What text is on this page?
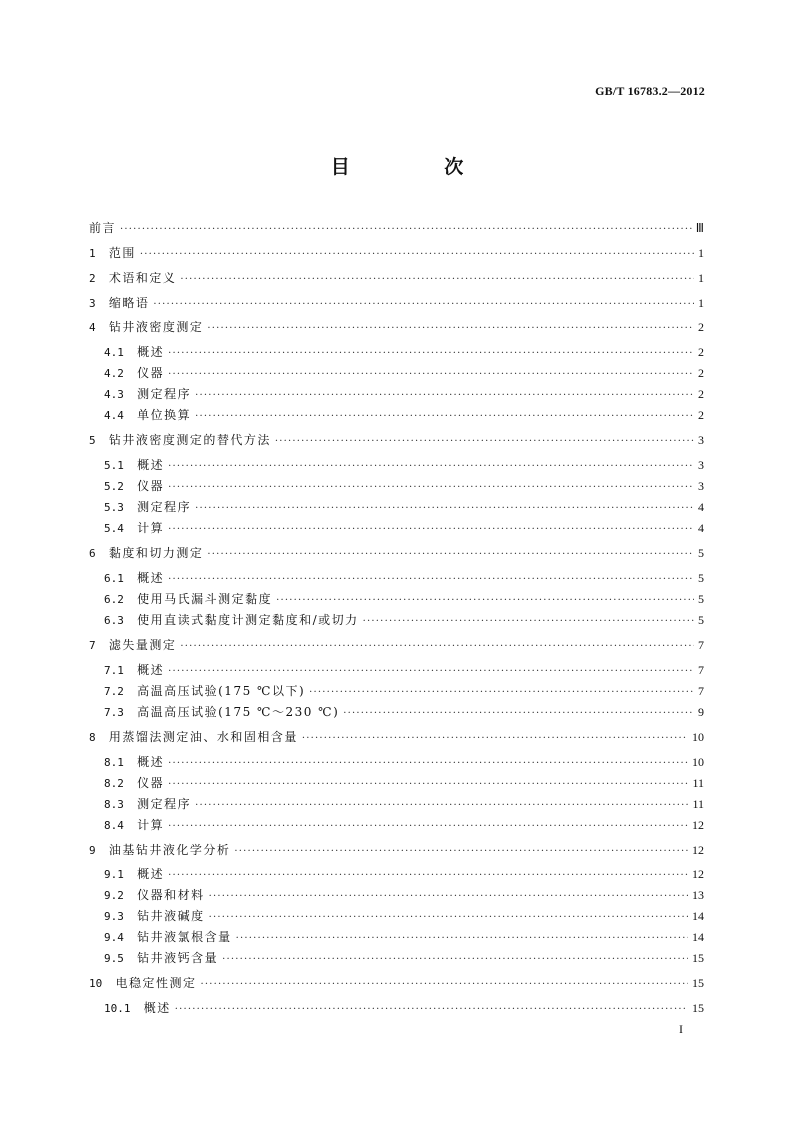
GB/T 16783.2—2012
目 次
前言 ·····	Ⅲ
1 范围 ·····	1
2 术语和定义 ·····	1
3 缩略语 ·····	1
4 钻井液密度测定 ·····	2
4.1 概述 ·····	2
4.2 仪器 ·····	2
4.3 测定程序 ·····	2
4.4 单位换算 ·····	2
5 钻井液密度测定的替代方法 ·····	3
5.1 概述 ·····	3
5.2 仪器 ·····	3
5.3 测定程序 ·····	4
5.4 计算 ·····	4
6 黏度和切力测定 ·····	5
6.1 概述 ·····	5
6.2 使用马氏漏斗测定黏度 ·····	5
6.3 使用直读式黏度计测定黏度和/或切力 ·····	5
7 滤失量测定 ·····	7
7.1 概述 ·····	7
7.2 高温高压试验(175 ℃以下) ·····	7
7.3 高温高压试验(175 ℃～230 ℃) ·····	9
8 用蒸馏法测定油、水和固相含量 ·····	10
8.1 概述 ·····	10
8.2 仪器 ·····	11
8.3 测定程序 ·····	11
8.4 计算 ·····	12
9 油基钻井液化学分析 ·····	12
9.1 概述 ·····	12
9.2 仪器和材料 ·····	13
9.3 钻井液碱度 ·····	14
9.4 钻井液氯根含量 ·····	14
9.5 钻井液钙含量 ·····	15
10 电稳定性测定 ·····	15
10.1 概述 ·····	15
I
